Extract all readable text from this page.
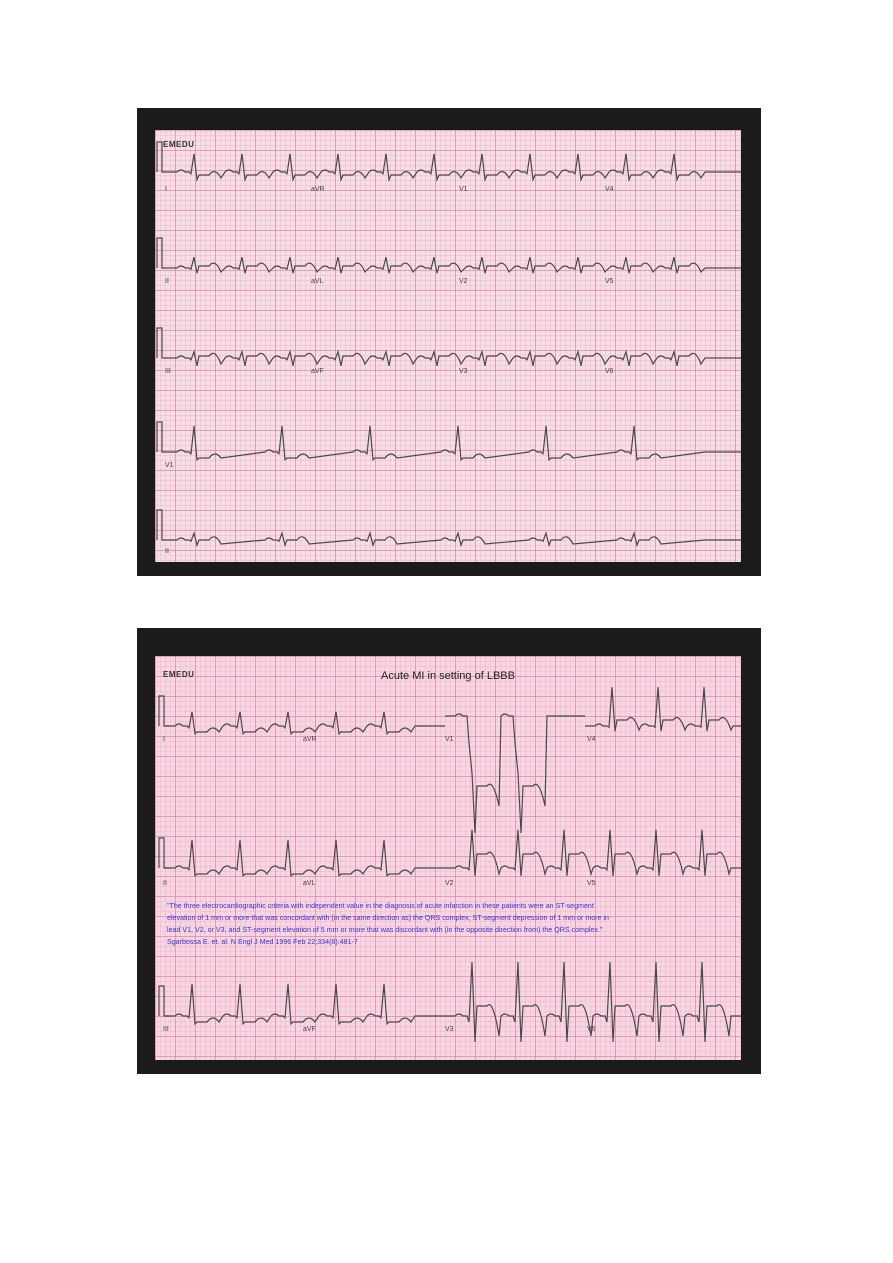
EMEDU
I	aVR	V1	V4
II	aVL	V2	V5
III	aVF	V3	V6
V1
II
EMEDU	Acute MI in setting of LBBB
I	aVR	V1	V4
II	aVL	V2	V5
III	aVF	V3	V6
"The three electrocardiographic criteria with independent value in the diagnosis of acute infarction in these patients were an ST-segment elevation of 1 mm or more that was concordant with (in the same direction as) the QRS complex, ST-segment depression of 1 mm or more in lead V1, V2, or V3, and ST-segment elevation of 5 mm or more that was discordant with (in the opposite direction from) the QRS complex." Sgarbossa E. et. al. N Engl J Med 1996 Feb 22;334(8):481-7
